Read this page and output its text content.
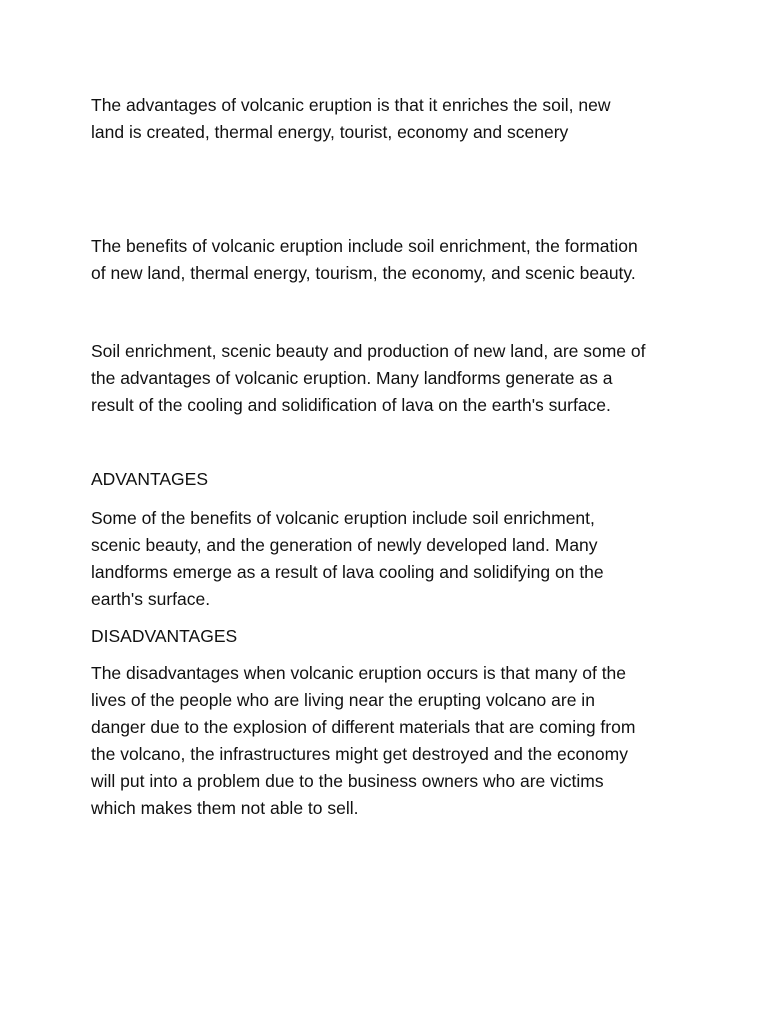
The advantages of volcanic eruption is that it enriches the soil, new
land is created, thermal energy, tourist, economy and scenery

The benefits of volcanic eruption include soil enrichment, the formation
of new land, thermal energy, tourism, the economy, and scenic beauty.

Soil enrichment, scenic beauty and production of new land, are some of
the advantages of volcanic eruption. Many landforms generate as a
result of the cooling and solidification of lava on the earth's surface.

ADVANTAGES

Some of the benefits of volcanic eruption include soil enrichment,
scenic beauty, and the generation of newly developed land. Many
landforms emerge as a result of lava cooling and solidifying on the
earth's surface.

DISADVANTAGES

The disadvantages when volcanic eruption occurs is that many of the
lives of the people who are living near the erupting volcano are in
danger due to the explosion of different materials that are coming from
the volcano, the infrastructures might get destroyed and the economy
will put into a problem due to the business owners who are victims
which makes them not able to sell.
